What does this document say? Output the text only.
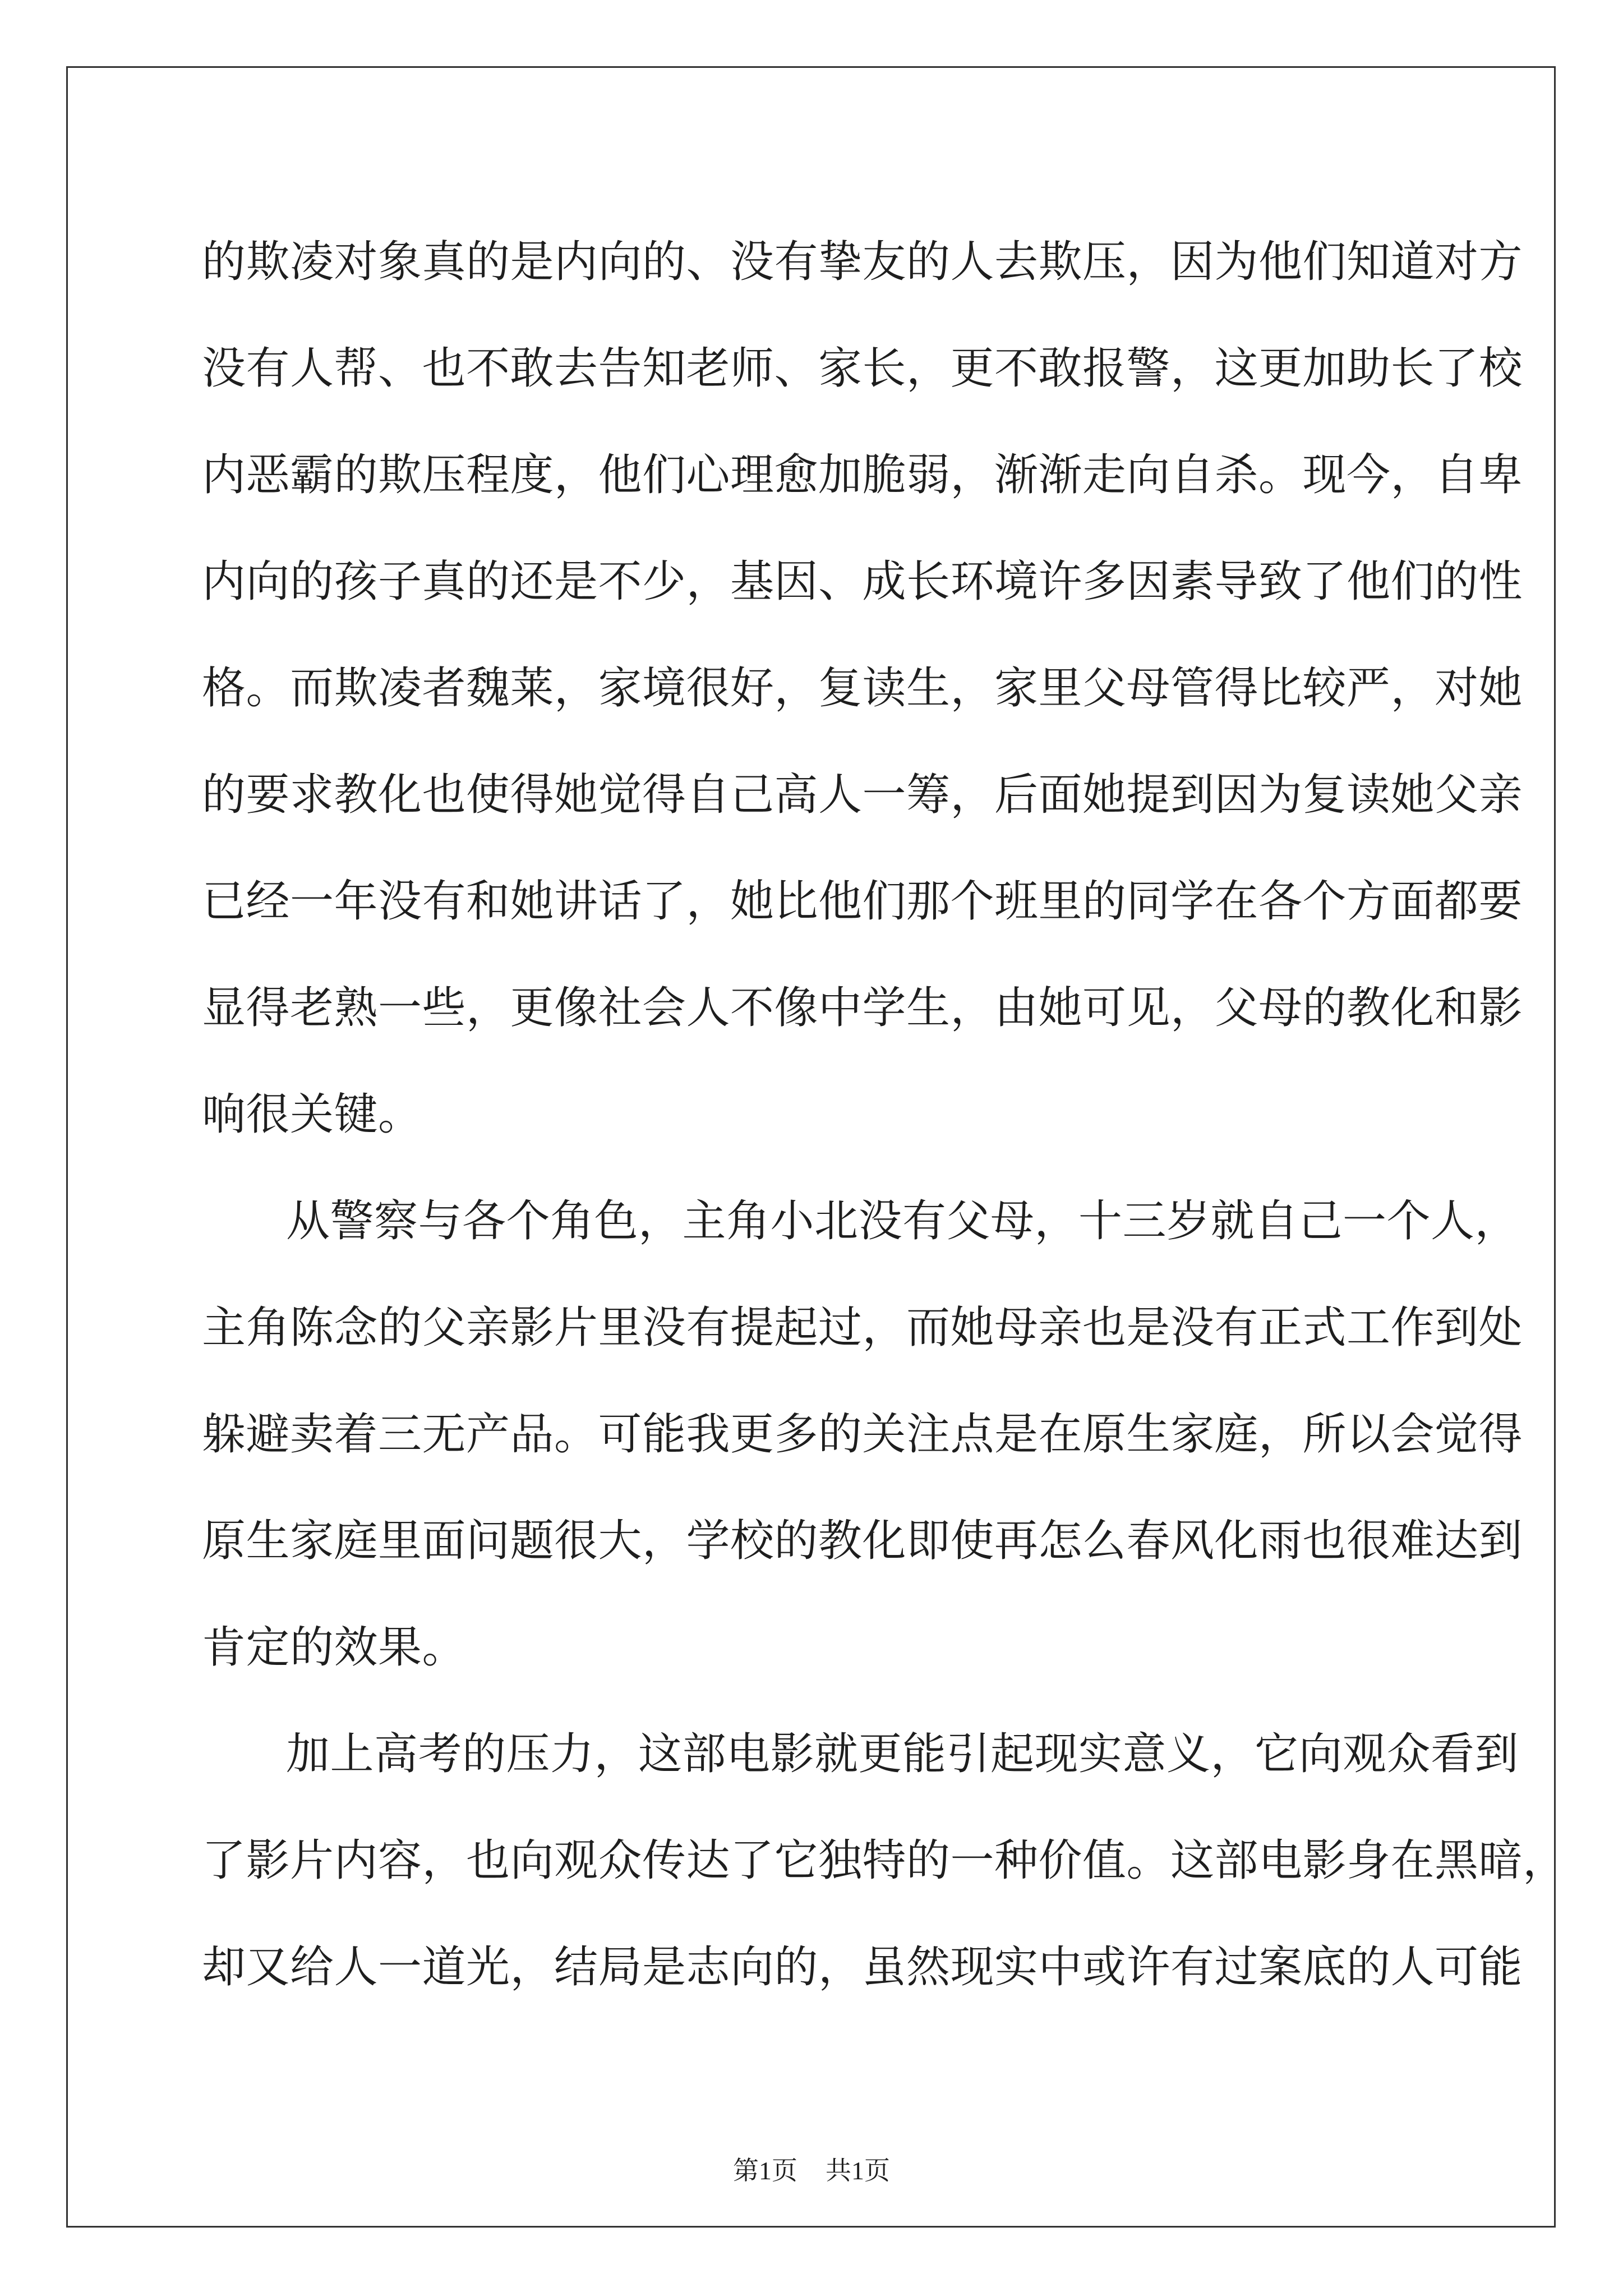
的欺凌对象真的是内向的、没有挚友的人去欺压，因为他们知道对方
没有人帮、也不敢去告知老师、家长，更不敢报警，这更加助长了校
内恶霸的欺压程度，他们心理愈加脆弱，渐渐走向自杀。现今，自卑
内向的孩子真的还是不少，基因、成长环境许多因素导致了他们的性
格。而欺凌者魏莱，家境很好，复读生，家里父母管得比较严，对她
的要求教化也使得她觉得自己高人一筹，后面她提到因为复读她父亲
已经一年没有和她讲话了，她比他们那个班里的同学在各个方面都要
显得老熟一些，更像社会人不像中学生，由她可见，父母的教化和影
响很关键。
从警察与各个角色，主角小北没有父母，十三岁就自己一个人，
主角陈念的父亲影片里没有提起过，而她母亲也是没有正式工作到处
躲避卖着三无产品。可能我更多的关注点是在原生家庭，所以会觉得
原生家庭里面问题很大，学校的教化即使再怎么春风化雨也很难达到
肯定的效果。
加上高考的压力，这部电影就更能引起现实意义，它向观众看到
了影片内容，也向观众传达了它独特的一种价值。这部电影身在黑暗，
却又给人一道光，结局是志向的，虽然现实中或许有过案底的人可能
第1页 共1页
